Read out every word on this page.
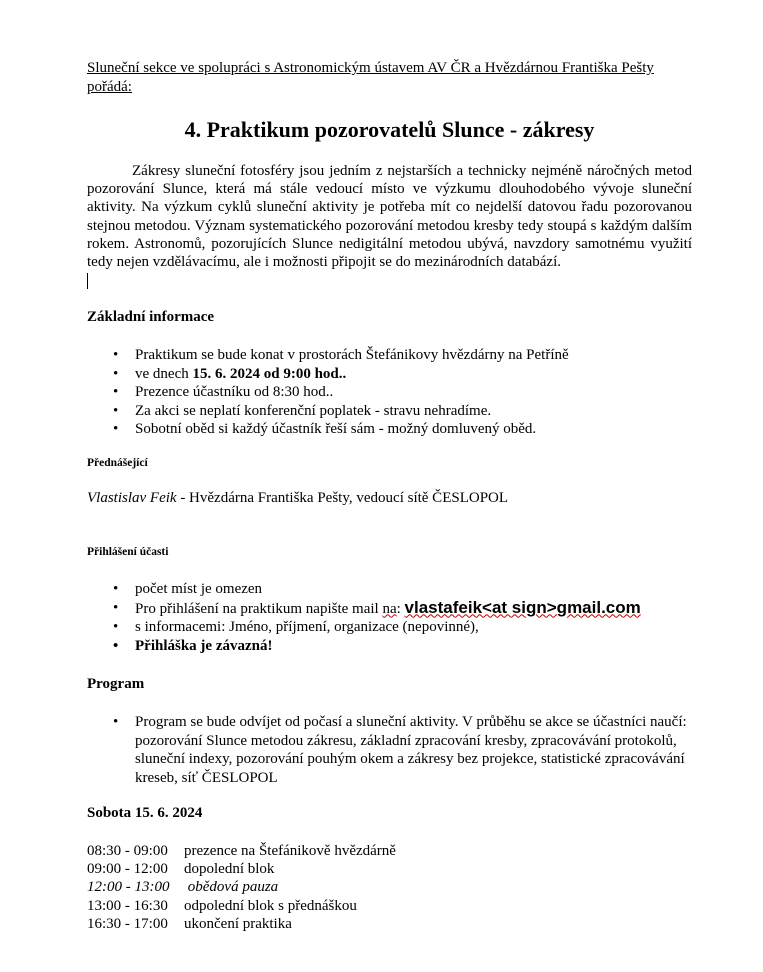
Sluneční sekce ve spolupráci s Astronomickým ústavem AV ČR a Hvězdárnou Františka Pešty pořádá:
4. Praktikum pozorovatelů Slunce - zákresy

Zákresy sluneční fotosféry jsou jedním z nejstarších a technicky nejméně náročných metod pozorování Slunce, která má stále vedoucí místo ve výzkumu dlouhodobého vývoje sluneční aktivity. Na výzkum cyklů sluneční aktivity je potřeba mít co nejdelší datovou řadu pozorovanou stejnou metodou. Význam systematického pozorování metodou kresby tedy stoupá s každým dalším rokem. Astronomů, pozorujících Slunce nedigitální metodou ubývá, navzdory samotnému využití tedy nejen vzdělávacímu, ale i možnosti připojit se do mezinárodních databází.

Základní informace
• Praktikum se bude konat v prostorách Štefánikovy hvězdárny na Petříně
• ve dnech 15. 6. 2024 od 9:00 hod..
• Prezence účastníku od 8:30 hod..
• Za akci se neplatí konferenční poplatek - stravu nehradíme.
• Sobotní oběd si každý účastník řeší sám - možný domluvený oběd.
Přednášející
Vlastislav Feik - Hvězdárna Františka Pešty, vedoucí sítě ČESLOPOL
Přihlášení účasti
• počet míst je omezen
• Pro přihlášení na praktikum napište mail na: vlastafeik<at sign>gmail.com
• s informacemi: Jméno, příjmení, organizace (nepovinné),
• Přihláška je závazná!
Program
• Program se bude odvíjet od počasí a sluneční aktivity. V průběhu se akce se účastníci naučí: pozorování Slunce metodou zákresu, základní zpracování kresby, zpracovávání protokolů, sluneční indexy, pozorování pouhým okem a zákresy bez projekce, statistické zpracovávání kreseb, síť ČESLOPOL
Sobota 15. 6. 2024
08:30 - 09:00 prezence na Štefánikově hvězdárně
09:00 - 12:00 dopolední blok
12:00 - 13:00 obědová pauza
13:00 - 16:30 odpolední blok s přednáškou
16:30 - 17:00 ukončení praktika
